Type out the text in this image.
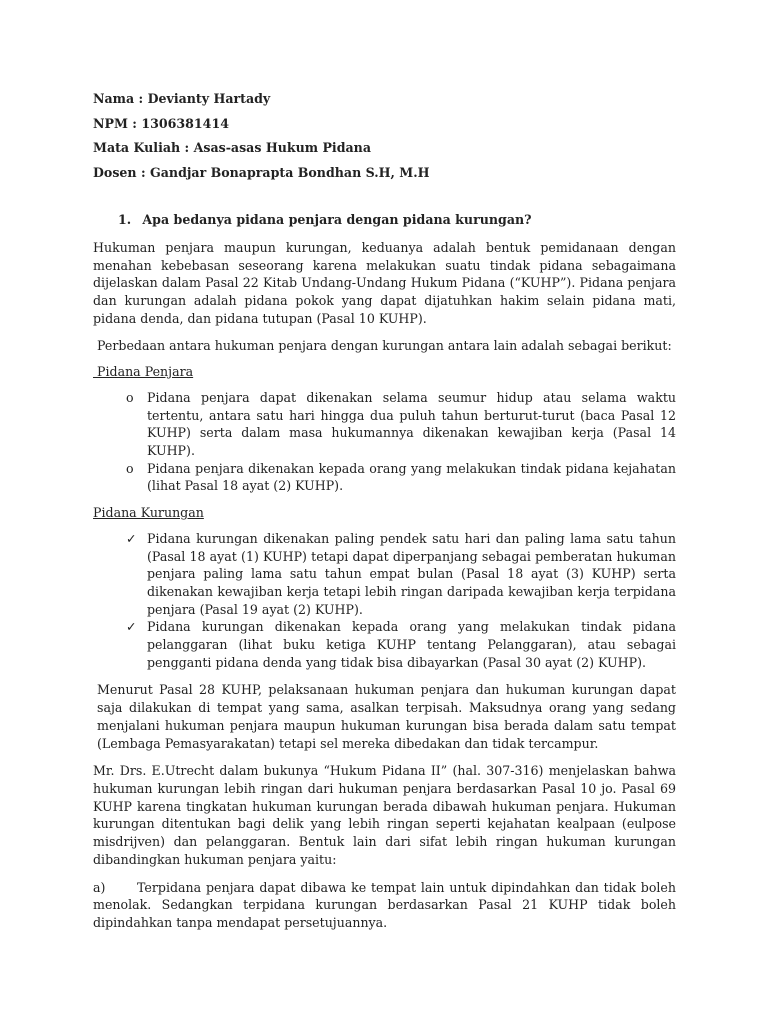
Nama : Devianty Hartady
NPM : 1306381414
Mata Kuliah : Asas-asas Hukum Pidana
Dosen : Gandjar Bonaprapta Bondhan S.H, M.H
1. Apa bedanya pidana penjara dengan pidana kurungan?

Hukuman penjara maupun kurungan, keduanya adalah bentuk pemidanaan dengan menahan kebebasan seseorang karena melakukan suatu tindak pidana sebagaimana dijelaskan dalam Pasal 22 Kitab Undang-Undang Hukum Pidana (“KUHP”). Pidana penjara dan kurungan adalah pidana pokok yang dapat dijatuhkan hakim selain pidana mati, pidana denda, dan pidana tutupan (Pasal 10 KUHP).

Perbedaan antara hukuman penjara dengan kurungan antara lain adalah sebagai berikut:

Pidana Penjara
o	Pidana penjara dapat dikenakan selama seumur hidup atau selama waktu tertentu, antara satu hari hingga dua puluh tahun berturut-turut (baca Pasal 12 KUHP) serta dalam masa hukumannya dikenakan kewajiban kerja (Pasal 14 KUHP).
o	Pidana penjara dikenakan kepada orang yang melakukan tindak pidana kejahatan (lihat Pasal 18 ayat (2) KUHP).
Pidana Kurungan
✓ Pidana kurungan dikenakan paling pendek satu hari dan paling lama satu tahun (Pasal 18 ayat (1) KUHP) tetapi dapat diperpanjang sebagai pemberatan hukuman penjara paling lama satu tahun empat bulan (Pasal 18 ayat (3) KUHP) serta dikenakan kewajiban kerja tetapi lebih ringan daripada kewajiban kerja terpidana penjara (Pasal 19 ayat (2) KUHP).
✓ Pidana kurungan dikenakan kepada orang yang melakukan tindak pidana pelanggaran (lihat buku ketiga KUHP tentang Pelanggaran), atau sebagai pengganti pidana denda yang tidak bisa dibayarkan (Pasal 30 ayat (2) KUHP).

Menurut Pasal 28 KUHP, pelaksanaan hukuman penjara dan hukuman kurungan dapat saja dilakukan di tempat yang sama, asalkan terpisah. Maksudnya orang yang sedang menjalani hukuman penjara maupun hukuman kurungan bisa berada dalam satu tempat (Lembaga Pemasyarakatan) tetapi sel mereka dibedakan dan tidak tercampur.

Mr. Drs. E.Utrecht dalam bukunya “Hukum Pidana II” (hal. 307-316) menjelaskan bahwa hukuman kurungan lebih ringan dari hukuman penjara berdasarkan Pasal 10 jo. Pasal 69 KUHP karena tingkatan hukuman kurungan berada dibawah hukuman penjara. Hukuman kurungan ditentukan bagi delik yang lebih ringan seperti kejahatan kealpaan (eulpose misdrijven) dan pelanggaran. Bentuk lain dari sifat lebih ringan hukuman kurungan dibandingkan hukuman penjara yaitu:

a)	Terpidana penjara dapat dibawa ke tempat lain untuk dipindahkan dan tidak boleh menolak. Sedangkan terpidana kurungan berdasarkan Pasal 21 KUHP tidak boleh dipindahkan tanpa mendapat persetujuannya.
